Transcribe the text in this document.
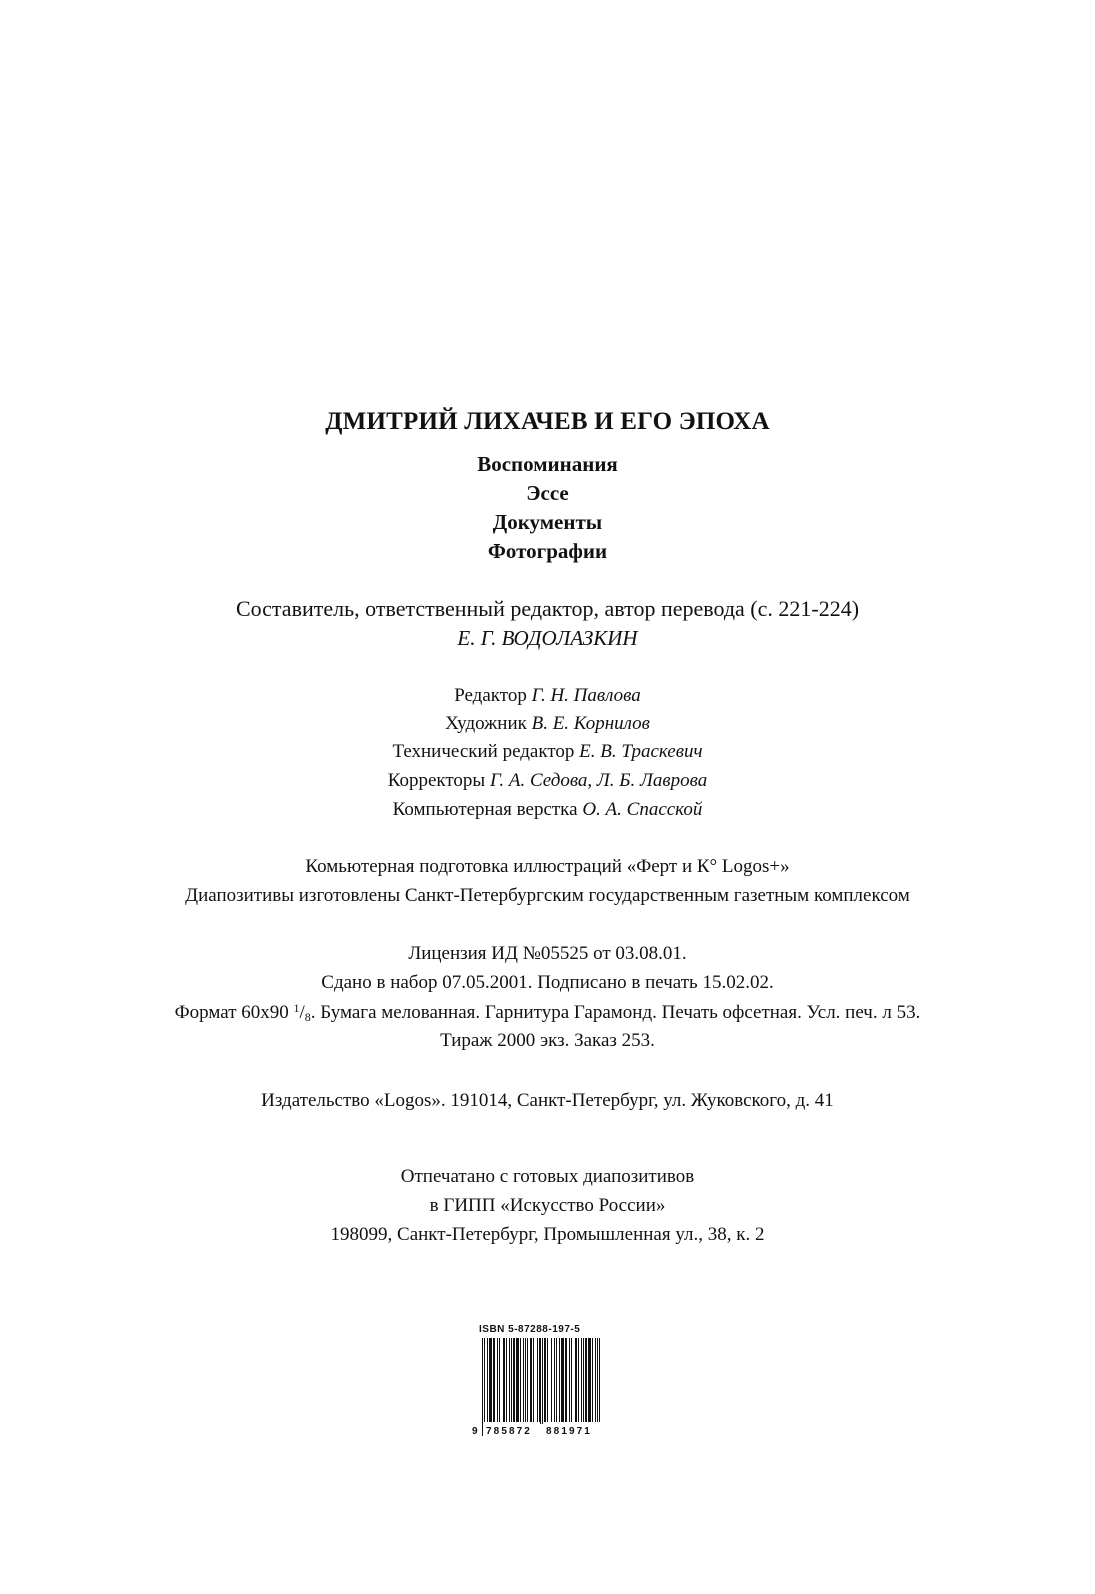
ДМИТРИЙ ЛИХАЧЕВ И ЕГО ЭПОХА
Воспоминания
Эссе
Документы
Фотографии
Составитель, ответственный редактор, автор перевода (с. 221-224)
Е. Г. ВОДОЛАЗКИН
Редактор Г. Н. Павлова
Художник В. Е. Корнилов
Технический редактор Е. В. Траскевич
Корректоры Г. А. Седова, Л. Б. Лаврова
Компьютерная верстка О. А. Спасской
Комьютерная подготовка иллюстраций «Ферт и К° Logos+»
Диапозитивы изготовлены Санкт-Петербургским государственным газетным комплексом
Лицензия ИД №05525 от 03.08.01.
Сдано в набор 07.05.2001. Подписано в печать 15.02.02.
Формат 60x90 $^1/_8$. Бумага мелованная. Гарнитура Гарамонд. Печать офсетная. Усл. печ. л 53.
Тираж 2000 экз. Заказ 253.
Издательство «Logos». 191014, Санкт-Петербург, ул. Жуковского, д. 41
Отпечатано с готовых диапозитивов
в ГИПП «Искусство России»
198099, Санкт-Петербург, Промышленная ул., 38, к. 2
ISBN 5-87288-197-5
9 785872 881971
